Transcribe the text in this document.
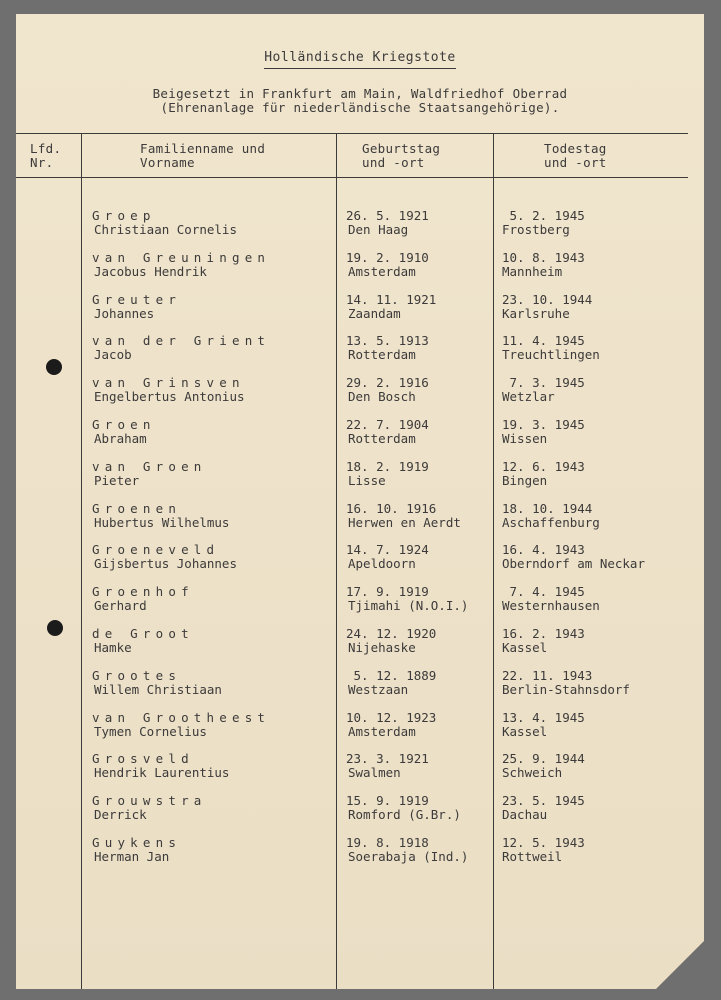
Holländische Kriegstote
Beigesetzt in Frankfurt am Main, Waldfriedhof Oberrad
(Ehrenanlage für niederländische Staatsangehörige).
Lfd.
Nr.
Familienname und
Vorname
Geburtstag
und -ort
Todestag
und -ort
Groep
Christiaan Cornelis
26. 5. 1921
Den Haag
5. 2. 1945
Frostberg
van Greuningen
Jacobus Hendrik
19. 2. 1910
Amsterdam
10. 8. 1943
Mannheim
Greuter
Johannes
14. 11. 1921
Zaandam
23. 10. 1944
Karlsruhe
van der Grient
Jacob
13. 5. 1913
Rotterdam
11. 4. 1945
Treuchtlingen
van Grinsven
Engelbertus Antonius
29. 2. 1916
Den Bosch
7. 3. 1945
Wetzlar
Groen
Abraham
22. 7. 1904
Rotterdam
19. 3. 1945
Wissen
van Groen
Pieter
18. 2. 1919
Lisse
12. 6. 1943
Bingen
Groenen
Hubertus Wilhelmus
16. 10. 1916
Herwen en Aerdt
18. 10. 1944
Aschaffenburg
Groeneveld
Gijsbertus Johannes
14. 7. 1924
Apeldoorn
16. 4. 1943
Oberndorf am Neckar
Groenhof
Gerhard
17. 9. 1919
Tjimahi (N.O.I.)
7. 4. 1945
Westernhausen
de Groot
Hamke
24. 12. 1920
Nijehaske
16. 2. 1943
Kassel
Grootes
Willem Christiaan
5. 12. 1889
Westzaan
22. 11. 1943
Berlin-Stahnsdorf
van Grootheest
Tymen Cornelius
10. 12. 1923
Amsterdam
13. 4. 1945
Kassel
Grosveld
Hendrik Laurentius
23. 3. 1921
Swalmen
25. 9. 1944
Schweich
Grouwstra
Derrick
15. 9. 1919
Romford (G.Br.)
23. 5. 1945
Dachau
Guykens
Herman Jan
19. 8. 1918
Soerabaja (Ind.)
12. 5. 1943
Rottweil
